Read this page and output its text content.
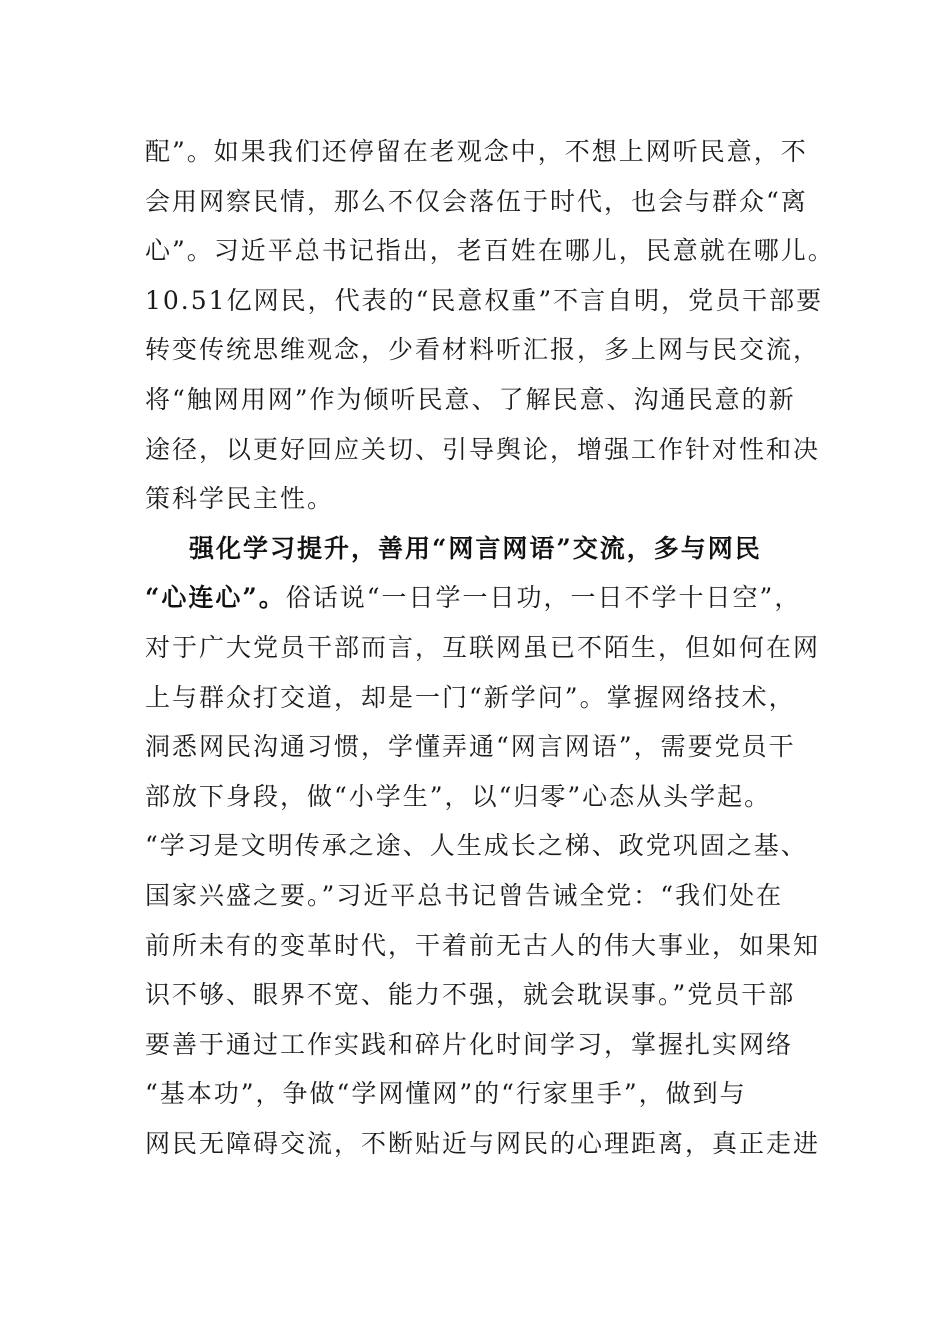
配”。如果我们还停留在老观念中，不想上网听民意，不
会用网察民情，那么不仅会落伍于时代，也会与群众“离
心”。习近平总书记指出，老百姓在哪儿，民意就在哪儿。
10.51亿网民，代表的“民意权重”不言自明，党员干部要
转变传统思维观念，少看材料听汇报，多上网与民交流，
将“触网用网”作为倾听民意、了解民意、沟通民意的新
途径，以更好回应关切、引导舆论，增强工作针对性和决
策科学民主性。
强化学习提升，善用“网言网语”交流，多与网民
“心连心”。俗话说“一日学一日功，一日不学十日空”，
对于广大党员干部而言，互联网虽已不陌生，但如何在网
上与群众打交道，却是一门“新学问”。掌握网络技术，
洞悉网民沟通习惯，学懂弄通“网言网语”，需要党员干
部放下身段，做“小学生”，以“归零”心态从头学起。
“学习是文明传承之途、人生成长之梯、政党巩固之基、
国家兴盛之要。”习近平总书记曾告诫全党：“我们处在
前所未有的变革时代，干着前无古人的伟大事业，如果知
识不够、眼界不宽、能力不强，就会耽误事。”党员干部
要善于通过工作实践和碎片化时间学习，掌握扎实网络
“基本功”，争做“学网懂网”的“行家里手”，做到与
网民无障碍交流，不断贴近与网民的心理距离，真正走进
